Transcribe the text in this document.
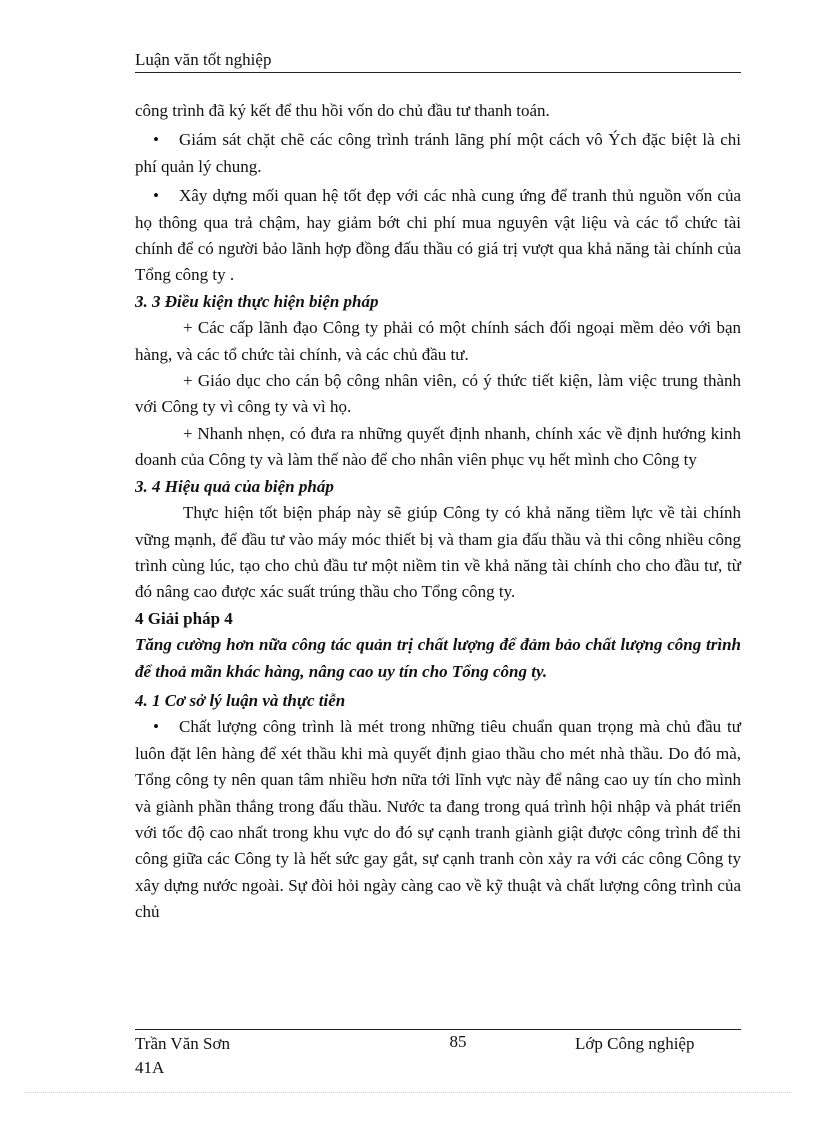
Luận văn tốt nghiệp

công trình đã ký kết để thu hồi vốn do chủ đầu tư thanh toán.

• Giám sát chặt chẽ các công trình tránh lãng phí một cách vô Ých đặc biệt là chi phí quản lý chung.

• Xây dựng mối quan hệ tốt đẹp với các nhà cung ứng để tranh thủ nguồn vốn của họ thông qua trả chậm, hay giảm bớt chi phí mua nguyên vật liệu và các tổ chức tài chính để có người bảo lãnh hợp đồng đấu thầu có giá trị vượt qua khả năng tài chính của Tổng công ty .

3. 3 Điều kiện thực hiện biện pháp

+ Các cấp lãnh đạo Công ty phải có một chính sách đối ngoại mềm dẻo với bạn hàng, và các tổ chức tài chính, và các chủ đầu tư.

+ Giáo dục cho cán bộ công nhân viên, có ý thức tiết kiện, làm việc trung thành với Công ty vì công ty và vì họ.

+ Nhanh nhẹn, có đưa ra những quyết định nhanh, chính xác về định hướng kinh doanh của Công ty và làm thế nào để cho nhân viên phục vụ hết mình cho Công ty

3. 4 Hiệu quả của biện pháp

Thực hiện tốt biện pháp này sẽ giúp Công ty có khả năng tiềm lực về tài chính vững mạnh, để đầu tư vào máy móc thiết bị và tham gia đấu thầu và thi công nhiều công trình cùng lúc, tạo cho chủ đầu tư một niềm tin về khả năng tài chính cho cho đầu tư, từ đó nâng cao được xác suất trúng thầu cho Tổng công ty.

4 Giải pháp 4

Tăng cường hơn nữa công tác quản trị chất lượng để đảm bảo chất lượng công trình để thoả mãn khác hàng, nâng cao uy tín cho Tổng công ty.

4. 1 Cơ sở lý luận và thực tiễn

• Chất lượng công trình là mét trong những tiêu chuẩn quan trọng mà chủ đầu tư luôn đặt lên hàng để xét thầu khi mà quyết định giao thầu cho mét nhà thầu. Do đó mà, Tổng công ty nên quan tâm nhiều hơn nữa tới lĩnh vực này để nâng cao uy tín cho mình và giành phần thắng trong đấu thầu. Nước ta đang trong quá trình hội nhập và phát triển với tốc độ cao nhất trong khu vực do đó sự cạnh tranh giành giật được công trình để thi công giữa các Công ty là hết sức gay gắt, sự cạnh tranh còn xảy ra với các công Công ty xây dựng nước ngoài. Sự đòi hỏi ngày càng cao về kỹ thuật và chất lượng công trình của chủ

Trần Văn Sơn
41A
85	Lớp Công nghiệp
